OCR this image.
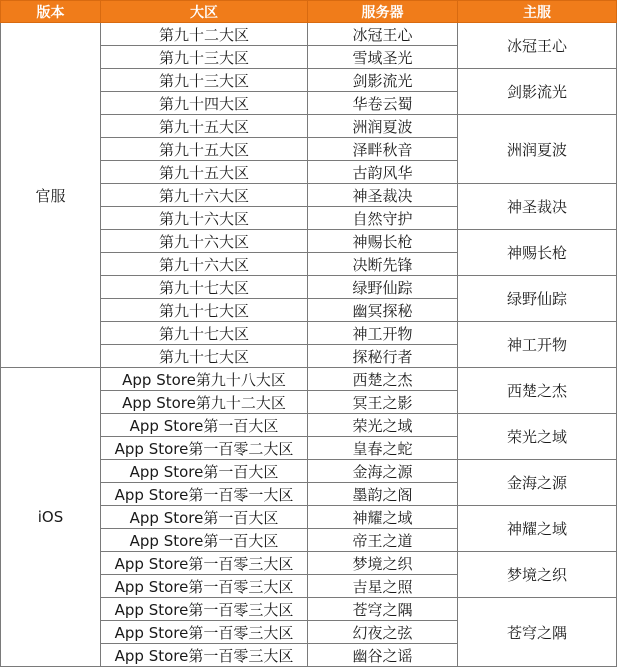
版本	大区	服务器	主服
官服	第九十二大区	冰冠王心	冰冠王心
	第九十三大区	雪域圣光	
	第九十三大区	剑影流光	剑影流光
	第九十四大区	华卷云蜀	
	第九十五大区	洲润夏波	洲润夏波
	第九十五大区	泽畔秋音	
	第九十五大区	古韵风华	
	第九十六大区	神圣裁决	神圣裁决
	第九十六大区	自然守护	
	第九十六大区	神赐长枪	神赐长枪
	第九十六大区	决断先锋	
	第九十七大区	绿野仙踪	绿野仙踪
	第九十七大区	幽冥探秘	
	第九十七大区	神工开物	神工开物
	第九十七大区	探秘行者	
iOS	App Store第九十八大区	西楚之杰	西楚之杰
	App Store第九十二大区	冥王之影	
	App Store第一百大区	荣光之域	荣光之域
	App Store第一百零二大区	皇春之蛇	
	App Store第一百大区	金海之源	金海之源
	App Store第一百零一大区	墨韵之阁	
	App Store第一百大区	神耀之域	神耀之域
	App Store第一百大区	帝王之道	
	App Store第一百零三大区	梦境之织	梦境之织
	App Store第一百零三大区	吉星之照	
	App Store第一百零三大区	苍穹之隅	苍穹之隅
	App Store第一百零三大区	幻夜之弦	
	App Store第一百零三大区	幽谷之谣	
